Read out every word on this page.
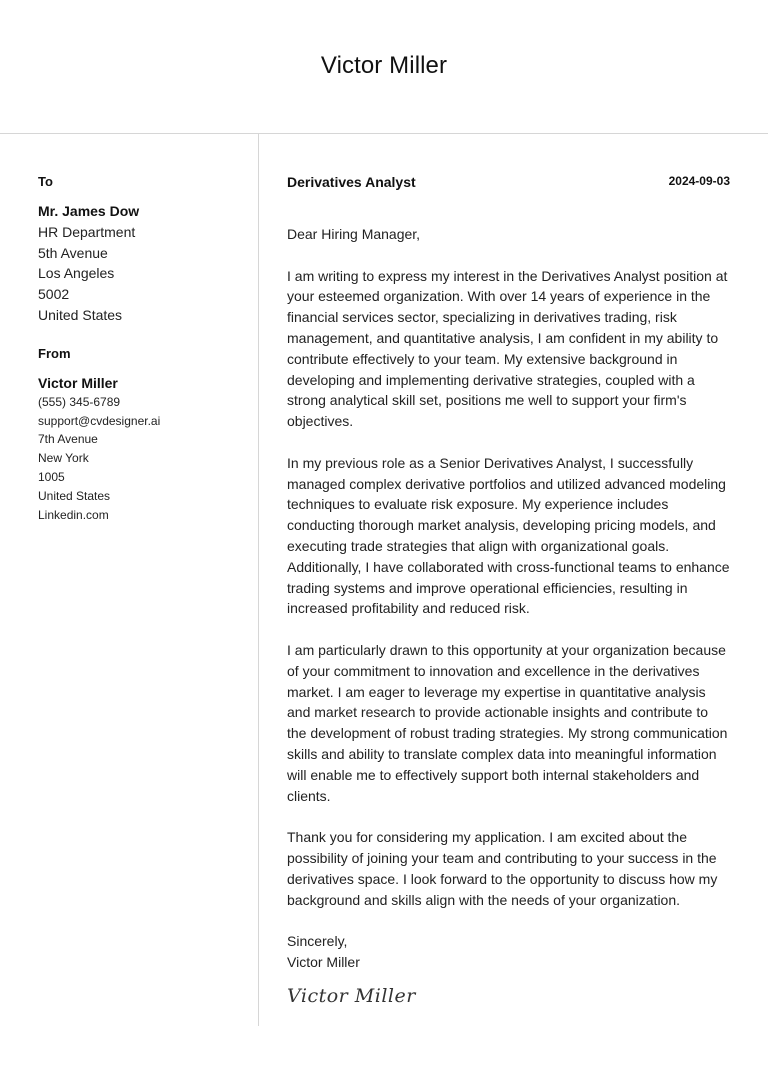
Victor Miller
To
Mr. James Dow
HR Department
5th Avenue
Los Angeles
5002
United States
From
Victor Miller
(555) 345-6789
support@cvdesigner.ai
7th Avenue
New York
1005
United States
Linkedin.com
Derivatives Analyst	2024-09-03
Dear Hiring Manager,
I am writing to express my interest in the Derivatives Analyst position at your esteemed organization. With over 14 years of experience in the financial services sector, specializing in derivatives trading, risk management, and quantitative analysis, I am confident in my ability to contribute effectively to your team. My extensive background in developing and implementing derivative strategies, coupled with a strong analytical skill set, positions me well to support your firm's objectives.
In my previous role as a Senior Derivatives Analyst, I successfully managed complex derivative portfolios and utilized advanced modeling techniques to evaluate risk exposure. My experience includes conducting thorough market analysis, developing pricing models, and executing trade strategies that align with organizational goals. Additionally, I have collaborated with cross-functional teams to enhance trading systems and improve operational efficiencies, resulting in increased profitability and reduced risk.
I am particularly drawn to this opportunity at your organization because of your commitment to innovation and excellence in the derivatives market. I am eager to leverage my expertise in quantitative analysis and market research to provide actionable insights and contribute to the development of robust trading strategies. My strong communication skills and ability to translate complex data into meaningful information will enable me to effectively support both internal stakeholders and clients.
Thank you for considering my application. I am excited about the possibility of joining your team and contributing to your success in the derivatives space. I look forward to the opportunity to discuss how my background and skills align with the needs of your organization.
Sincerely,
Victor Miller
Victor Miller
